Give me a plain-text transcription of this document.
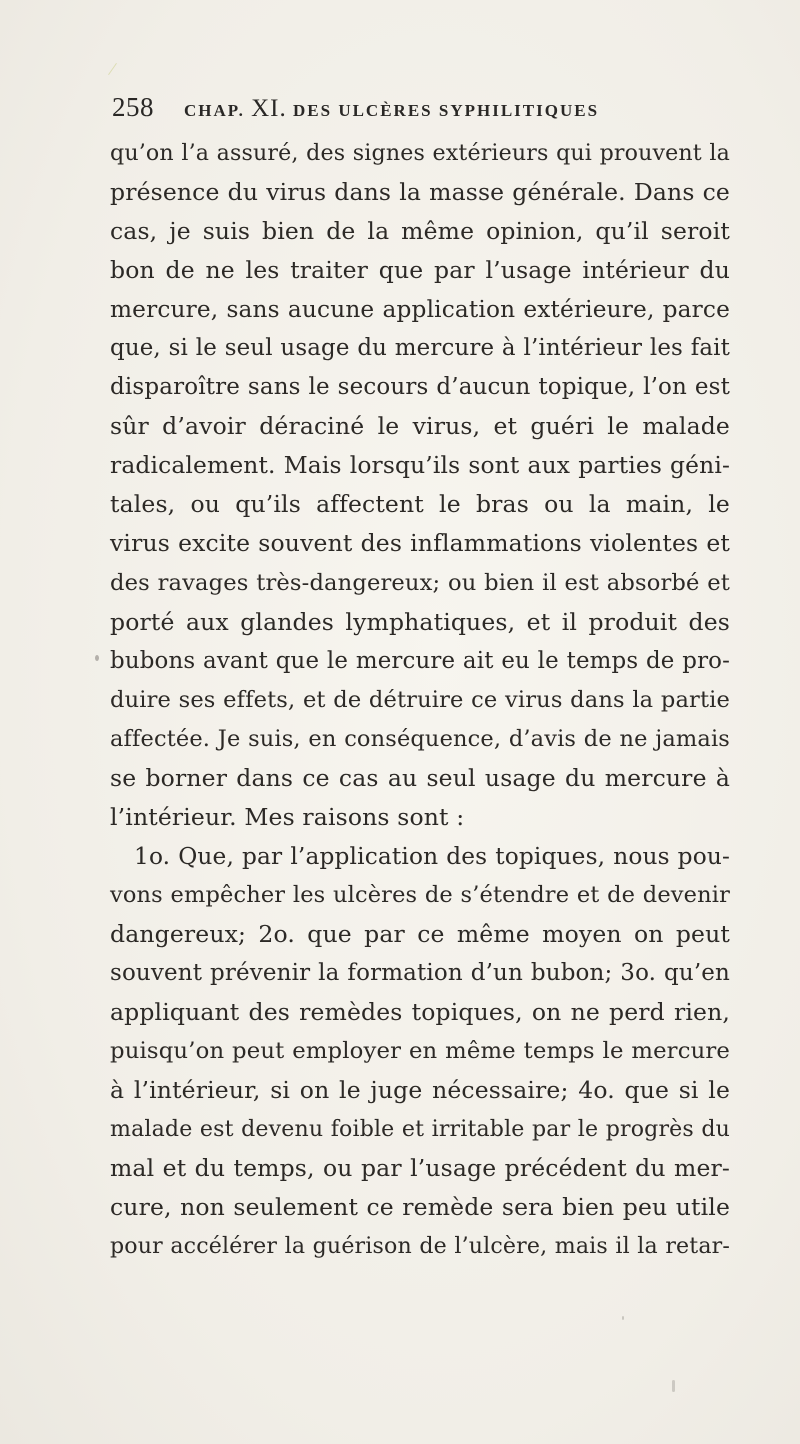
258	CHAP. XI. DES ULCÈRES SYPHILITIQUES
qu’on l’a assuré, des signes extérieurs qui prouvent la
présence du virus dans la masse générale. Dans ce
cas, je suis bien de la même opinion, qu’il seroit
bon de ne les traiter que par l’usage intérieur du
mercure, sans aucune application extérieure, parce
que, si le seul usage du mercure à l’intérieur les fait
disparoître sans le secours d’aucun topique, l’on est
sûr d’avoir déraciné le virus, et guéri le malade
radicalement. Mais lorsqu’ils sont aux parties géni-
tales, ou qu’ils affectent le bras ou la main, le
virus excite souvent des inflammations violentes et
des ravages très-dangereux; ou bien il est absorbé et
porté aux glandes lymphatiques, et il produit des
bubons avant que le mercure ait eu le temps de pro-
duire ses effets, et de détruire ce virus dans la partie
affectée. Je suis, en conséquence, d’avis de ne jamais
se borner dans ce cas au seul usage du mercure à
l’intérieur. Mes raisons sont :
1o. Que, par l’application des topiques, nous pou-
vons empêcher les ulcères de s’étendre et de devenir
dangereux; 2o. que par ce même moyen on peut
souvent prévenir la formation d’un bubon; 3o. qu’en
appliquant des remèdes topiques, on ne perd rien,
puisqu’on peut employer en même temps le mercure
à l’intérieur, si on le juge nécessaire; 4o. que si le
malade est devenu foible et irritable par le progrès du
mal et du temps, ou par l’usage précédent du mer-
cure, non seulement ce remède sera bien peu utile
pour accélérer la guérison de l’ulcère, mais il la retar-
